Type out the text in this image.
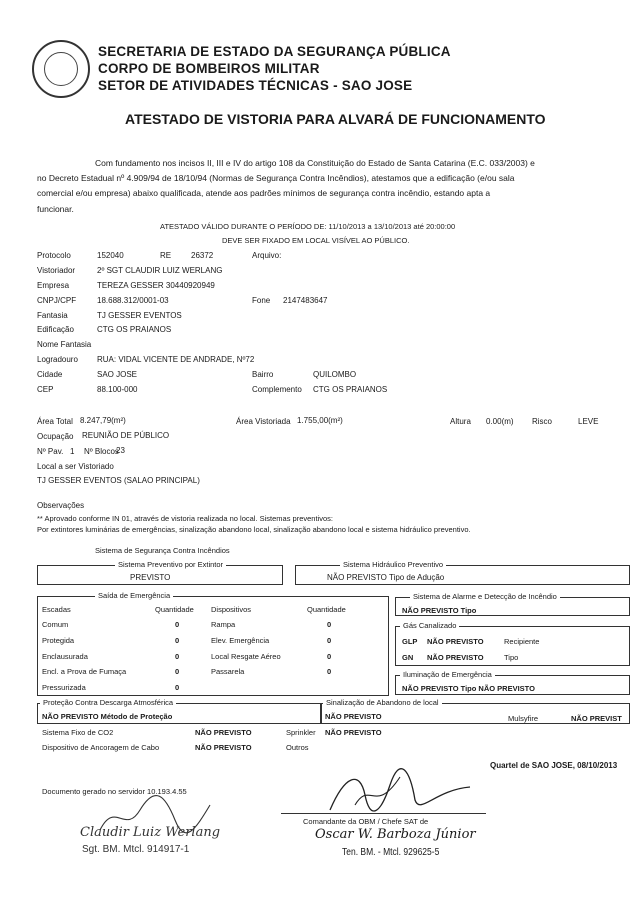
SECRETARIA DE ESTADO DA SEGURANÇA PÚBLICA
CORPO DE BOMBEIROS MILITAR
SETOR DE ATIVIDADES TÉCNICAS - SAO JOSE
ATESTADO DE VISTORIA PARA ALVARÁ DE FUNCIONAMENTO
Com fundamento nos incisos II, III e IV do artigo 108 da Constituição do Estado de Santa Catarina (E.C. 033/2003) e
no Decreto Estadual nº 4.909/94 de 18/10/94 (Normas de Segurança Contra Incêndios), atestamos que a edificação (e/ou sala
comercial e/ou empresa) abaixo qualificada, atende aos padrões mínimos de segurança contra incêndio, estando apta a
funcionar.
ATESTADO VÁLIDO DURANTE O PERÍODO DE: 11/10/2013 a 13/10/2013 até 20:00:00
DEVE SER FIXADO EM LOCAL VISÍVEL AO PÚBLICO.
Protocolo	152040	RE 26372	Arquivo:
Vistoriador	2º SGT CLAUDIR LUIZ WERLANG
Empresa	TEREZA GESSER 30440920949
CNPJ/CPF	18.688.312/0001-03	Fone 2147483647
Fantasia	TJ GESSER EVENTOS
Edificação	CTG OS PRAIANOS
Nome Fantasia
Logradouro RUA: VIDAL VICENTE DE ANDRADE, Nº72
Cidade	SAO JOSE	Bairro	QUILOMBO
CEP	88.100-000	Complemento CTG OS PRAIANOS
Área Total 8.247,79(m²)	Área Vistoriada 1.755,00(m²)	Altura 0.00(m) Risco	LEVE
Ocupação REUNIÃO DE PÚBLICO
Nº Pav. 1 Nº Blocos
23
Local a ser Vistoriado
TJ GESSER EVENTOS (SALAO PRINCIPAL)
Observações
** Aprovado conforme IN 01, através de vistoria realizada no local. Sistemas preventivos:
Por extintores luminárias de emergências, sinalização abandono local, sinalização abandono local e sistema hidráulico preventivo.
Sistema de Segurança Contra Incêndios
Sistema Preventivo por Extintor
PREVISTO
Sistema Hidráulico Preventivo
NÃO PREVISTO Tipo de Adução
Saída de Emergência
Escadas	Quantidade Dispositivos	Quantidade
Comum	0	Rampa	0
Protegida	0	Elev. Emergência	0
Enclausurada	0	Local Resgate Aéreo	0
Encl. a Prova de Fumaça	0	Passarela	0
Pressurizada	0
Sistema de Alarme e Detecção de Incêndio
NÃO PREVISTO Tipo
Gás Canalizado
GLP NÃO PREVISTO	Recipiente
GN NÃO PREVISTO	Tipo
Iluminação de Emergência
NÃO PREVISTO Tipo NÃO PREVISTO
Proteção Contra Descarga Atmosférica
NÃO PREVISTO Método de Proteção
Sinalização de Abandono de local
NÃO PREVISTO	Mulsyfire	NÃO PREVIST
Sistema Fixo de CO2	NÃO PREVISTO	Sprinkler NÃO PREVISTO
Dispositivo de Ancoragem de Cabo	NÃO PREVISTO	Outros
Quartel de SAO JOSE, 08/10/2013
Documento gerado no servidor 10.193.4.55
Comandante da OBM / Chefe SAT de
Oscar W. Barboza Júnior
Ten. BM. - Mtcl. 929625-5
Claudir Luiz Werlang
Sgt. BM. Mtcl. 914917-1
